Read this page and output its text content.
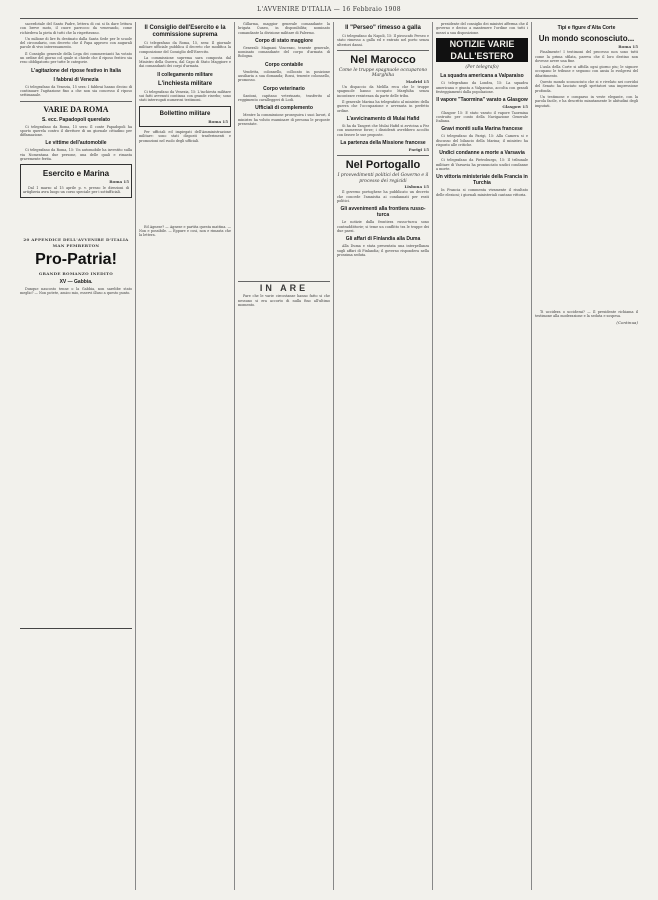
L'AVVENIRE D'ITALIA — 16 Febbraio 1908

sacerdotale del Santo Padre, lettera di cui si fa dare lettura con breve moto, il cuore parrocco da venerando, come richiedeva la pieta di tutti che la rispettavano.

Un milione di lire fu destinato dalla Santa Sede per le scuole del circondario, con decreto che il Papa approvo con augurali parole di vivo interessamento.

Il Consiglio generale della Lega dei commercianti ha votato un ordine del giorno col quale si chiede che il riposo festivo sia reso obbligatorio per tutte le categorie.

L'agitazione del ripose festivo in Italia
I fabbrai di Venezia

Ci telegrafano da Venezia, 15 sera: I fabbrai hanno deciso di continuare l'agitazione fino a che non sia concesso il riposo settimanale.

VARIE DA ROMA
S. ecc. Papadopoli querelato

Ci telegrafano da Roma, 15 sera: Il conte Papadopoli ha sporto querela contro il direttore di un giornale cittadino per diffamazione.

Le vittime dell'automobile

Ci telegrafano da Roma, 15: Un automobile ha investito sulla via Nomentana due persone, una delle quali e rimasta gravemente ferita.

Esercito e Marina
Roma 15

Dal 1 marzo al 15 aprile p. v. presso le direzioni di artiglieria avra luogo un corso speciale per i sottufficiali.

20 APPENDICE DELL'AVVENIRE D'ITALIA
MAN PEMBERTON
Pro-Patria!
GRANDE ROMANZO INEDITO
XV — Gabbia.

Dunque nascosto tenne o la Gabbia, non sarebbe stato meglio? — Non potete, amico mio, esservi illuso a questo punto.

Il Consiglio dell'Esercito e la commissione suprema

Ci telegrafano da Roma, 15, sera: Il giornale militare ufficiale pubblica il decreto che modifica la composizione del Consiglio dell'Esercito.

La commissione suprema sara composta dal Ministro della Guerra, dal Capo di Stato Maggiore e dai comandanti dei corpi d'armata.

Il collegamento militare
L'inchiesta militare

Ci telegrafano da Venezia, 15: L'inchiesta militare sui fatti avvenuti continua con grande riserbo; sono stati interrogati numerosi testimoni.

Bollettino militare
Roma 15

Per ufficiali ed impiegati dell'Amministrazione militare: sono stati disposti trasferimenti e promozioni nel ruolo degli ufficiali.

Ed Agnese? — Agnese e partita questa mattina. — Non e possibile. — Eppure e cosi, non e rimasta che la lettera.

Gillarma, maggior generale comandante la brigata Cuneo, in disponibilita; nominato comandante la divisione militare di Palermo.

Corpo di stato maggiore

Generali: Magnani Vincenzo, tenente generale, nominato comandante del corpo d'armata di Bologna.

Corpo contabile

Vendetta, colonnello, collocato in posizione ausiliaria a sua domanda; Rossi, tenente colonnello, promosso.

Corpo veterinario

Santoni, capitano veterinario, trasferito al reggimento cavalleggeri di Lodi.

Ufficiali di complemento

Mentre la commissione proseguiva i suoi lavori, il ministro ha voluto esaminare di persona le proposte presentate.

IN ARE

Pare che le varie circostanze hanno fatto si che nessuno si era accorto di nulla fino all'ultimo momento.

Il "Perseo" rimesso a galla

Ci telegrafano da Napoli, 15: Il piroscafo Perseo e stato rimesso a galla ed e entrato nel porto senza ulteriori danni.

Nel Marocco
Come le truppe spagnuole occuparono Marghiha
Madrid 15

Un dispaccio da Melilla reca che le truppe spagnuole hanno occupato Marghiha senza incontrare resistenza da parte delle tribu.

Il generale Marina ha telegrafato al ministro della guerra che l'occupazione e avvenuta in perfetto ordine.

L'avvicinamento di Mulai Hafid

Si ha da Tangeri che Mulai Hafid si avvicina a Fez con numerose forze; i dissidenti avrebbero accolto con favore le sue proposte.

La partenza della Missione francese
Parigi 15
Nel Portogallo
I provvedimenti politici del Governo e il processo dei regicidi
Lisbona 15

Il governo portoghese ha pubblicato un decreto che concede l'amnistia ai condannati per reati politici.

Gli avvenimenti alla frontiera russo-turca

Le notizie dalla frontiera russo-turca sono contraddittorie; si teme un conflitto tra le truppe dei due paesi.

Gli affari di Finlandia alla Duma

Alla Duma e stata presentata una interpellanza sugli affari di Finlandia; il governo rispondera nella prossima seduta.

presidente del consiglio dei ministri afferma che il governo e deciso a mantenere l'ordine con tutti i mezzi a sua disposizione.

NOTIZIE VARIE DALL'ESTERO
(Per telegrafo)
La squadra americana a Valparaiso

Ci telegrafano da Londra, 15: La squadra americana e giunta a Valparaiso, accolta con grandi festeggiamenti dalla popolazione.

Il vapore "Taormina" varato a Glasgow
Glasgow 15

Glasgow 15: E stato varato il vapore Taormina costruito per conto della Navigazione Generale Italiana.

Gravi moniti sulla Marina francese

Ci telegrafano da Parigi, 15: Alla Camera si e discusso del bilancio della Marina; il ministro ha risposto alle critiche.

Undici condanne a morte a Varsavia

Ci telegrafano da Pietroburgo, 15: Il tribunale militare di Varsavia ha pronunciato undici condanne a morte.

Un vittoria ministeriale della Francia in Turchia

In Francia si commenta vivamente il risultato delle elezioni; i giornali ministeriali cantano vittoria.

Tipi e figure d'Alta Corte
Un mondo sconosciuto...
Roma 15

Finalmente! I testimoni del processo non sono tutti come la prima sfilata, pareva che il loro destino non dovesse avere una fine.

L'aula della Corte si affolla ogni giorno piu; le signore occupano le tribune e seguono con ansia lo svolgersi del dibattimento.

Questo mondo sconosciuto che si e rivelato nei corridoi del Senato ha lasciato negli spettatori una impressione profonda.

Un testimone e comparso in veste elegante, con la parola facile, e ha descritto minutamente le abitudini degli imputati.

Ti uccidera o ucciderai? — Il presidente richiama il testimone alla moderazione e la seduta e sospesa.

(Continua)
